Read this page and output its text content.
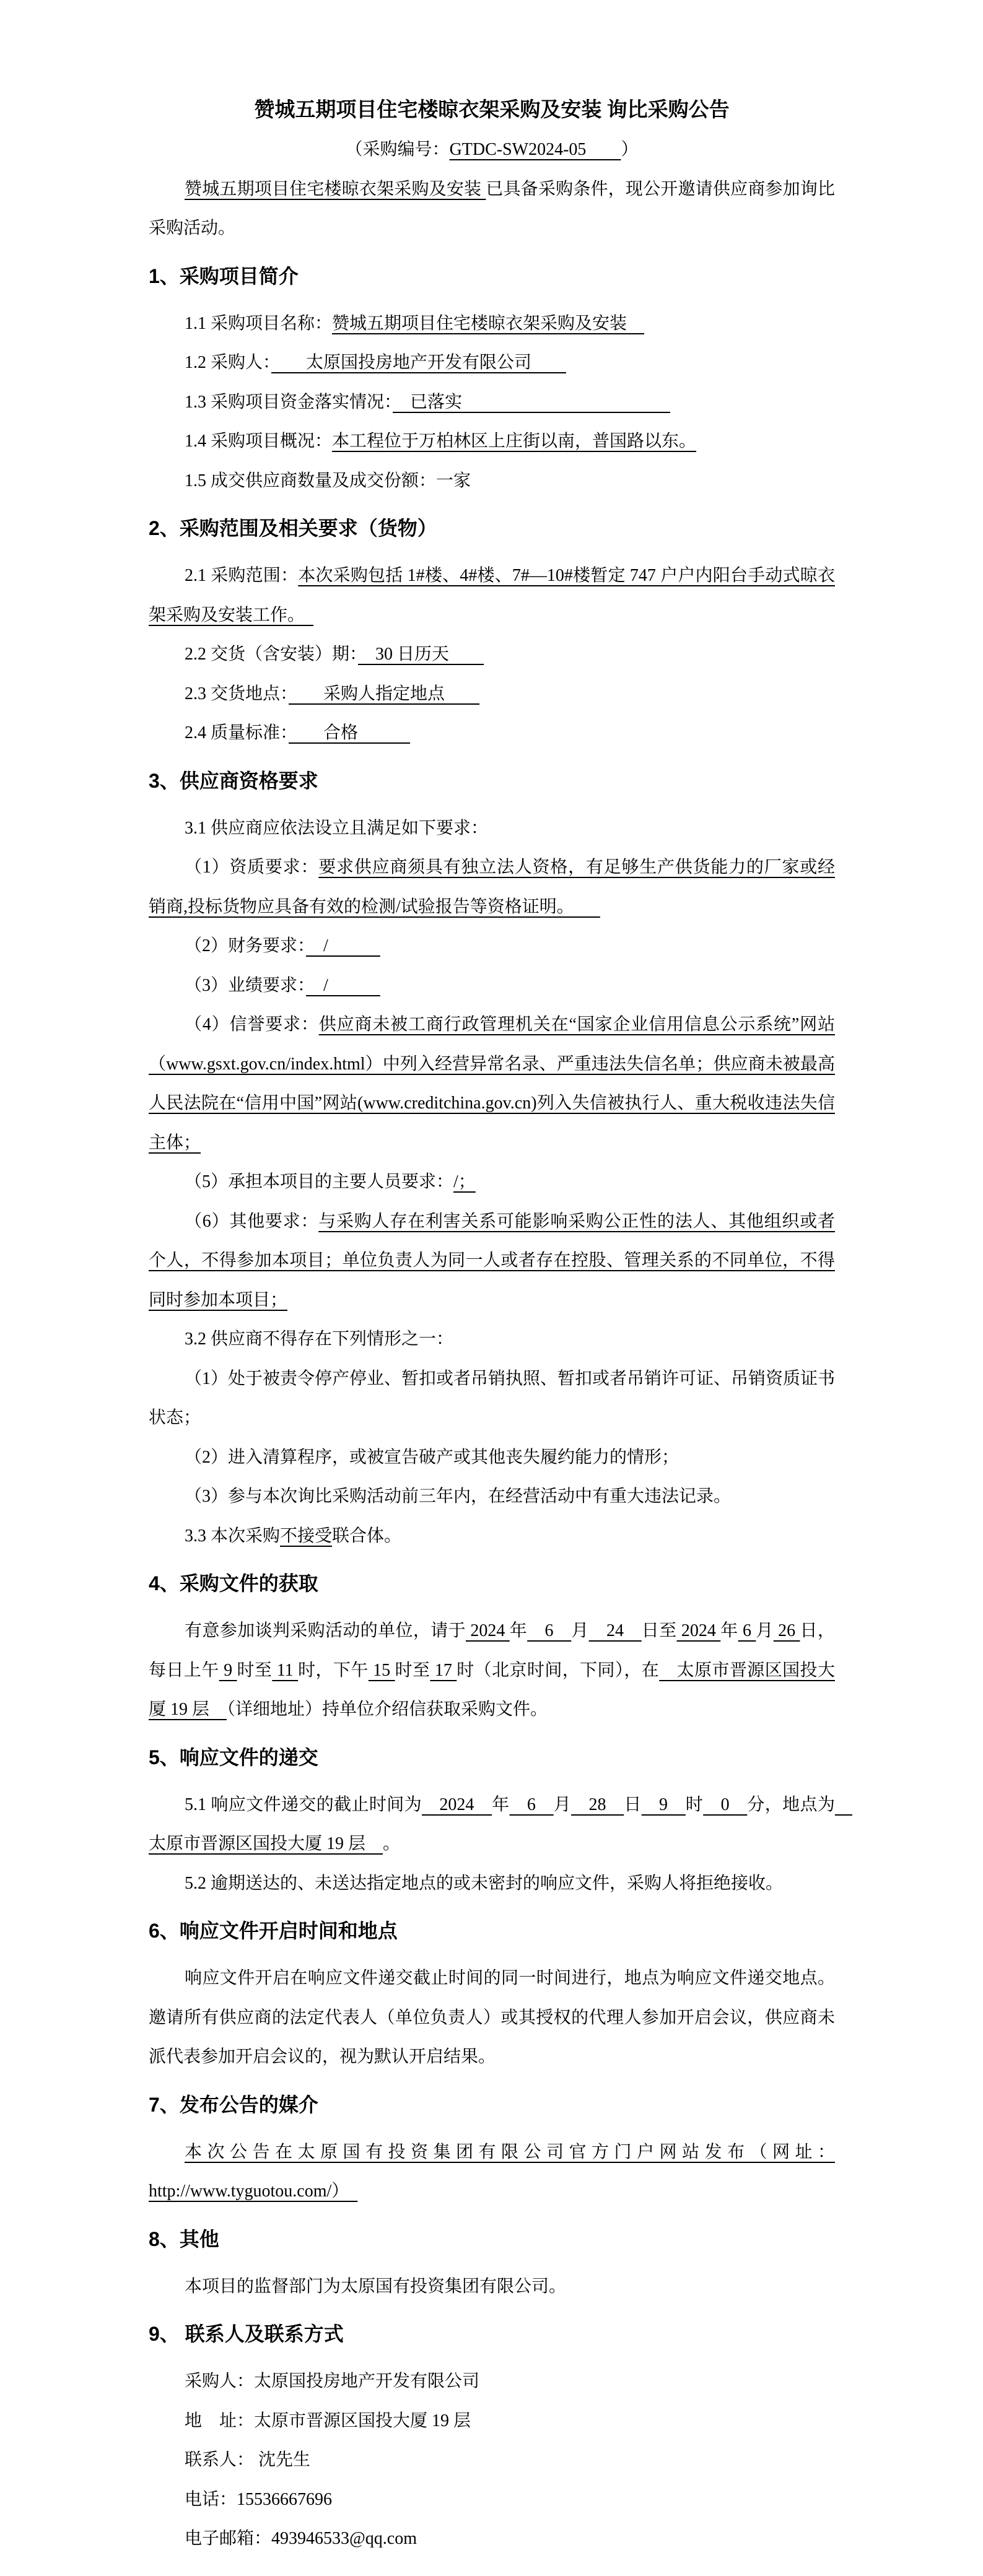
赞城五期项目住宅楼晾衣架采购及安装 询比采购公告
（采购编号：GTDC-SW2024-05　　）
赞城五期项目住宅楼晾衣架采购及安装 已具备采购条件，现公开邀请供应商参加询比采购活动。
1、采购项目简介
1.1 采购项目名称：赞城五期项目住宅楼晾衣架采购及安装　
1.2 采购人：　　太原国投房地产开发有限公司　　
1.3 采购项目资金落实情况：　已落实　　　　　　　　　　　　
1.4 采购项目概况：本工程位于万柏林区上庄街以南，普国路以东。
1.5 成交供应商数量及成交份额：一家
2、采购范围及相关要求（货物）
2.1 采购范围：本次采购包括 1#楼、4#楼、7#—10#楼暂定 747 户户内阳台手动式晾衣架采购及安装工作。　
2.2 交货（含安装）期：　30 日历天　　
2.3 交货地点：　　采购人指定地点　　
2.4 质量标准：　　合格　　　
3、供应商资格要求
3.1 供应商应依法设立且满足如下要求：
（1）资质要求：要求供应商须具有独立法人资格，有足够生产供货能力的厂家或经销商,投标货物应具备有效的检测/试验报告等资格证明。　　
（2）财务要求：　/　　　
（3）业绩要求：　/　　　
（4）信誉要求：供应商未被工商行政管理机关在“国家企业信用信息公示系统”网站（www.gsxt.gov.cn/index.html）中列入经营异常名录、严重违法失信名单；供应商未被最高人民法院在“信用中国”网站(www.creditchina.gov.cn)列入失信被执行人、重大税收违法失信主体；
（5）承担本项目的主要人员要求：/；
（6）其他要求：与采购人存在利害关系可能影响采购公正性的法人、其他组织或者个人，不得参加本项目；单位负责人为同一人或者存在控股、管理关系的不同单位，不得同时参加本项目；
3.2 供应商不得存在下列情形之一：
（1）处于被责令停产停业、暂扣或者吊销执照、暂扣或者吊销许可证、吊销资质证书状态；
（2）进入清算程序，或被宣告破产或其他丧失履约能力的情形；
（3）参与本次询比采购活动前三年内，在经营活动中有重大违法记录。
3.3 本次采购不接受联合体。
4、采购文件的获取
有意参加谈判采购活动的单位，请于 2024 年　6　月　24　日至 2024 年 6 月 26 日，每日上午 9 时至 11 时，下午 15 时至 17 时（北京时间，下同），在　太原市晋源区国投大厦 19 层　（详细地址）持单位介绍信获取采购文件。
5、响应文件的递交
5.1 响应文件递交的截止时间为　2024　年　6　月　28　日　9　时　0　分，地点为　太原市晋源区国投大厦 19 层　。
5.2 逾期送达的、未送达指定地点的或未密封的响应文件，采购人将拒绝接收。
6、响应文件开启时间和地点
响应文件开启在响应文件递交截止时间的同一时间进行，地点为响应文件递交地点。邀请所有供应商的法定代表人（单位负责人）或其授权的代理人参加开启会议，供应商未派代表参加开启会议的，视为默认开启结果。
7、发布公告的媒介
本次公告在太原国有投资集团有限公司官方门户网站发布（网址：http://www.tyguotou.com/）　
8、其他
本项目的监督部门为太原国有投资集团有限公司。
9、 联系人及联系方式
采购人：太原国投房地产开发有限公司
地　址：太原市晋源区国投大厦 19 层
联系人： 沈先生
电话：15536667696
电子邮箱：493946533@qq.com
